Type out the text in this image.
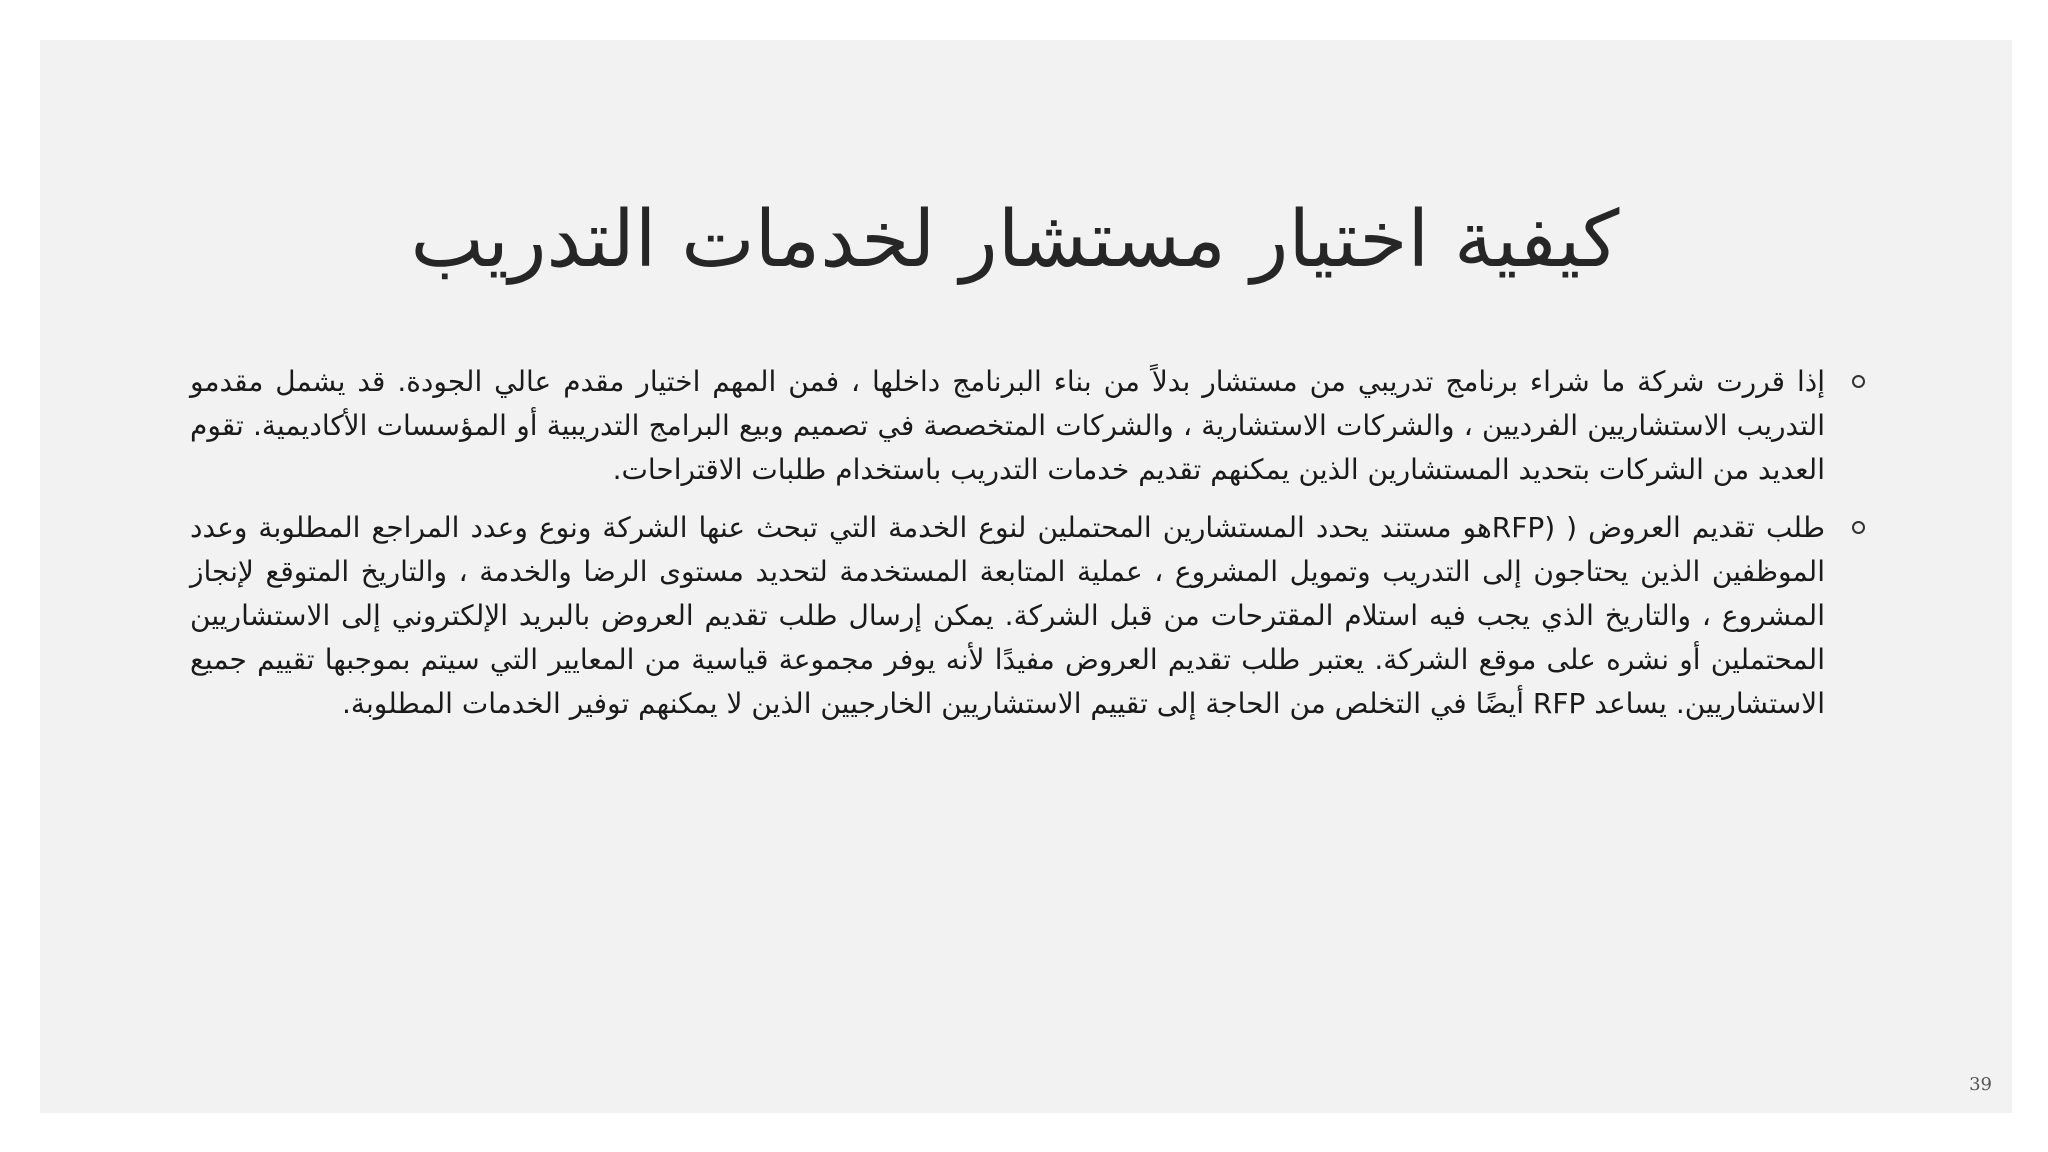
كيفية اختيار مستشار لخدمات التدريب
إذا قررت شركة ما شراء برنامج تدريبي من مستشار بدلاً من بناء البرنامج داخلها ، فمن المهم اختيار مقدم عالي الجودة. قد يشمل مقدمو التدريب الاستشاريين الفرديين ، والشركات الاستشارية ، والشركات المتخصصة في تصميم وبيع البرامج التدريبية أو المؤسسات الأكاديمية. تقوم العديد من الشركات بتحديد المستشارين الذين يمكنهم تقديم خدمات التدريب باستخدام طلبات الاقتراحات.
طلب تقديم العروض ( (RFPهو مستند يحدد المستشارين المحتملين لنوع الخدمة التي تبحث عنها الشركة ونوع وعدد المراجع المطلوبة وعدد الموظفين الذين يحتاجون إلى التدريب وتمويل المشروع ، عملية المتابعة المستخدمة لتحديد مستوى الرضا والخدمة ، والتاريخ المتوقع لإنجاز المشروع ، والتاريخ الذي يجب فيه استلام المقترحات من قبل الشركة. يمكن إرسال طلب تقديم العروض بالبريد الإلكتروني إلى الاستشاريين المحتملين أو نشره على موقع الشركة. يعتبر طلب تقديم العروض مفيدًا لأنه يوفر مجموعة قياسية من المعايير التي سيتم بموجبها تقييم جميع الاستشاريين. يساعد RFP أيضًا في التخلص من الحاجة إلى تقييم الاستشاريين الخارجيين الذين لا يمكنهم توفير الخدمات المطلوبة.
39
